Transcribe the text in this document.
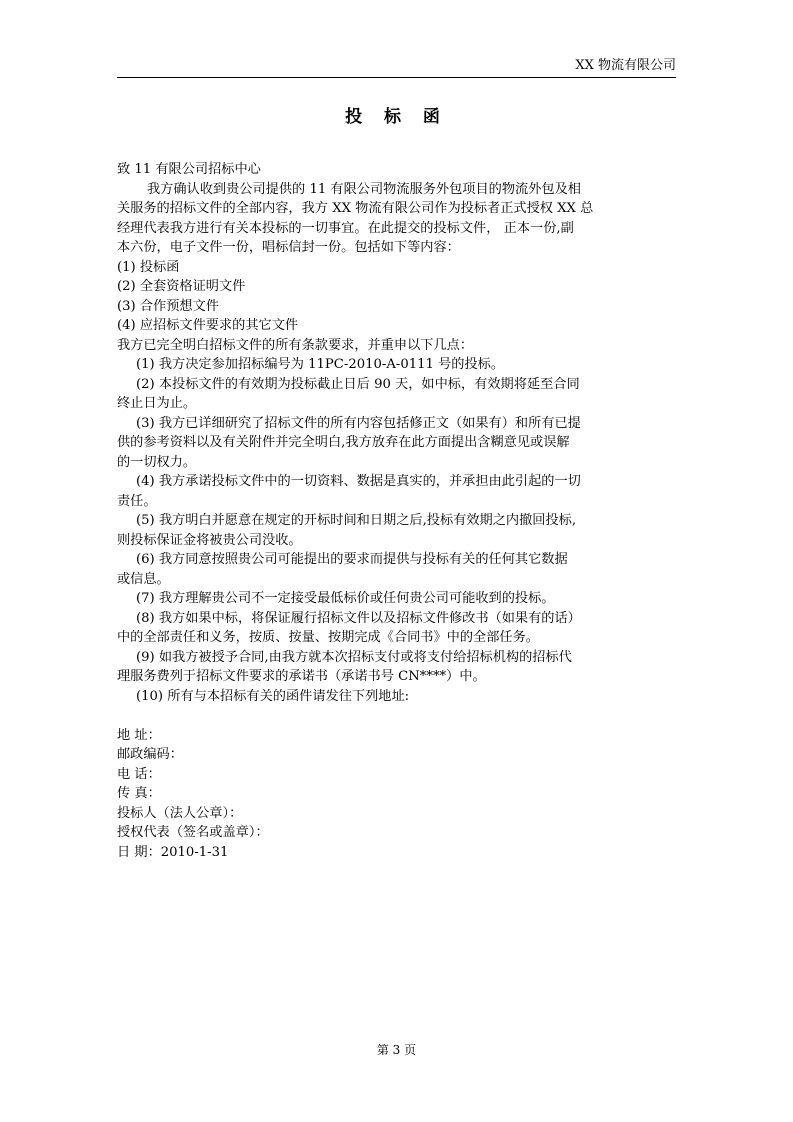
XX 物流有限公司
投 标 函
致 11 有限公司招标中心
我方确认收到贵公司提供的 11 有限公司物流服务外包项目的物流外包及相
关服务的招标文件的全部内容，我方 XX 物流有限公司作为投标者正式授权 XX 总
经理代表我方进行有关本投标的一切事宜。在此提交的投标文件， 正本一份,副
本六份，电子文件一份，唱标信封一份。包括如下等内容：
(1) 投标函
(2) 全套资格证明文件
(3) 合作预想文件
(4) 应招标文件要求的其它文件
我方已完全明白招标文件的所有条款要求，并重申以下几点：
(1) 我方决定参加招标编号为 11PC-2010-A-0111 号的投标。
(2) 本投标文件的有效期为投标截止日后 90 天，如中标，有效期将延至合同
终止日为止。
(3) 我方已详细研究了招标文件的所有内容包括修正文（如果有）和所有已提
供的参考资料以及有关附件并完全明白,我方放弃在此方面提出含糊意见或误解
的一切权力。
(4) 我方承诺投标文件中的一切资料、数据是真实的，并承担由此引起的一切
责任。
(5) 我方明白并愿意在规定的开标时间和日期之后,投标有效期之内撤回投标,
则投标保证金将被贵公司没收。
(6) 我方同意按照贵公司可能提出的要求而提供与投标有关的任何其它数据
或信息。
(7) 我方理解贵公司不一定接受最低标价或任何贵公司可能收到的投标。
(8) 我方如果中标，将保证履行招标文件以及招标文件修改书（如果有的话）
中的全部责任和义务，按质、按量、按期完成《合同书》中的全部任务。
(9) 如我方被授予合同,由我方就本次招标支付或将支付给招标机构的招标代
理服务费列于招标文件要求的承诺书（承诺书号 CN****）中。
(10) 所有与本招标有关的函件请发往下列地址:
地 址：
邮政编码：
电 话：
传 真：
投标人（法人公章）：
授权代表（签名或盖章）：
日 期：2010-1-31
第 3 页
